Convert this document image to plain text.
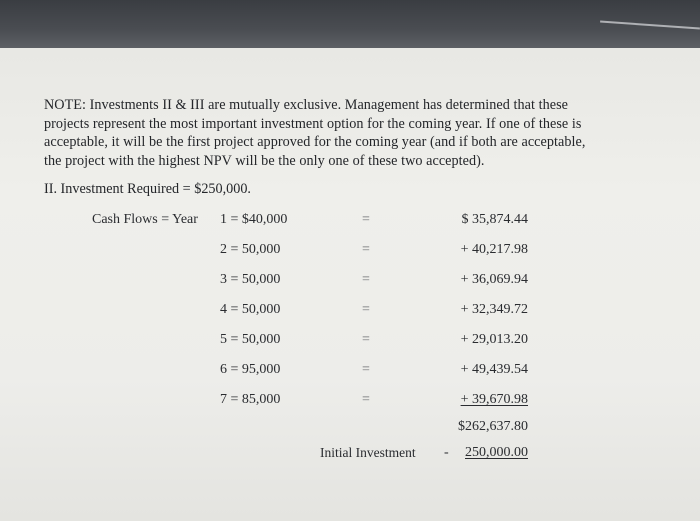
NOTE: Investments II & III are mutually exclusive. Management has determined that these
projects represent the most important investment option for the coming year. If one of these is
acceptable, it will be the first project approved for the coming year (and if both are acceptable,
the project with the highest NPV will be the only one of these two accepted).
II. Investment Required = $250,000.
Cash Flows = Year 1 = $40,000	=	$ 35,874.44
2 = 50,000	=	+ 40,217.98
3 = 50,000	=	+ 36,069.94
4 = 50,000	=	+ 32,349.72
5 = 50,000	=	+ 29,013.20
6 = 95,000	=	+ 49,439.54
7 = 85,000	=	+ 39,670.98
$262,637.80
Initial Investment -	250,000.00
